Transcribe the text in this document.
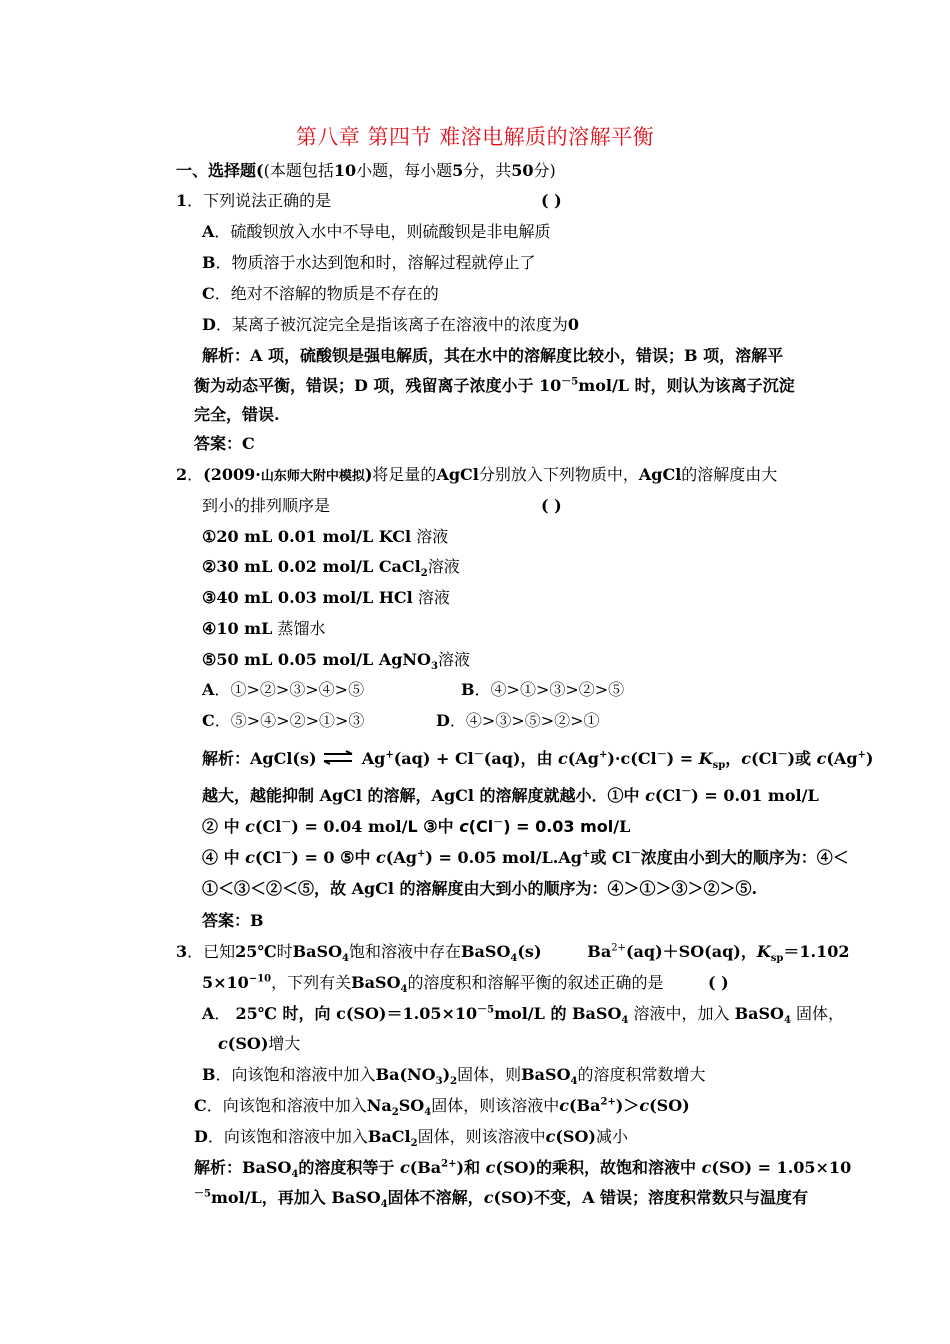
第八章 第四节 难溶电解质的溶解平衡
一、选择题((本题包括10小题，每小题5分，共50分)
1．下列说法正确的是	( )
A．硫酸钡放入水中不导电，则硫酸钡是非电解质
B．物质溶于水达到饱和时，溶解过程就停止了
C．绝对不溶解的物质是不存在的
D．某离子被沉淀完全是指该离子在溶液中的浓度为0
解析：A 项，硫酸钡是强电解质，其在水中的溶解度比较小，错误；B 项，溶解平
衡为动态平衡，错误；D 项，残留离子浓度小于 $10^{-5}mol/L$ 时，则认为该离子沉淀
完全，错误.
答案：C
2．(2009·山东师大附中模拟)将足量的AgCl分别放入下列物质中，AgCl的溶解度由大
到小的排列顺序是	( )
①20 mL 0.01 mol/L KCl 溶液
②30 mL 0.02 mol/L CaCl$_2$溶液
③40 mL 0.03 mol/L HCl 溶液
④10 mL 蒸馏水
⑤50 mL 0.05 mol/L AgNO$_3$溶液
A．①>②>③>④>⑤	B．④>①>③>②>⑤
C．⑤>④>②>①>③	D．④>③>⑤>②>①
解析：AgCl(s) ⇌ Ag+(aq) + Cl－(aq)，由 $c(Ag^+)\cdot c(Cl^-) = K_{sp}$，c(Cl－)或 c(Ag+)
越大，越能抑制 AgCl 的溶解，AgCl 的溶解度就越小．①中 c(Cl－) = 0.01 mol/L
② 中 c(Cl－) = 0.04 mol/L ③中 c(Cl－) = 0.03 mol/L
④ 中 c(Cl－) = 0 ⑤中 c(Ag+) = 0.05 mol/L.Ag+或 Cl－浓度由小到大的顺序为：④＜
①＜③＜②＜⑤，故 AgCl 的溶解度由大到小的顺序为：④＞①＞③＞②＞⑤.
答案：B
3．已知25℃时BaSO$_4$饱和溶液中存在BaSO$_4$(s)	$Ba^{2+}(aq)+SO(aq)$，$K_{sp}=1.102$
$5\times 10^{-10}$，下列有关BaSO$_4$的溶度积和溶解平衡的叙述正确的是	( )
A． 25℃ 时，向 $c(SO)=1.05\times 10^{-5}mol/L$ 的 BaSO$_4$ 溶液中，加入 BaSO$_4$ 固体，
c(SO)增大
B．向该饱和溶液中加入$Ba(NO_3)_2$固体，则BaSO$_4$的溶度积常数增大
C．向该饱和溶液中加入$Na_2SO_4$固体，则该溶液中$c(Ba^{2+})>c(SO)$
D．向该饱和溶液中加入BaCl$_2$固体，则该溶液中c(SO)减小
解析：BaSO$_4$的溶度积等于 $c(Ba^{2+})$和 c(SO)的乘积，故饱和溶液中 c(SO) = 1.05×10
$^{-5}$mol/L，再加入 BaSO$_4$固体不溶解，c(SO)不变，A 错误；溶度积常数只与温度有
